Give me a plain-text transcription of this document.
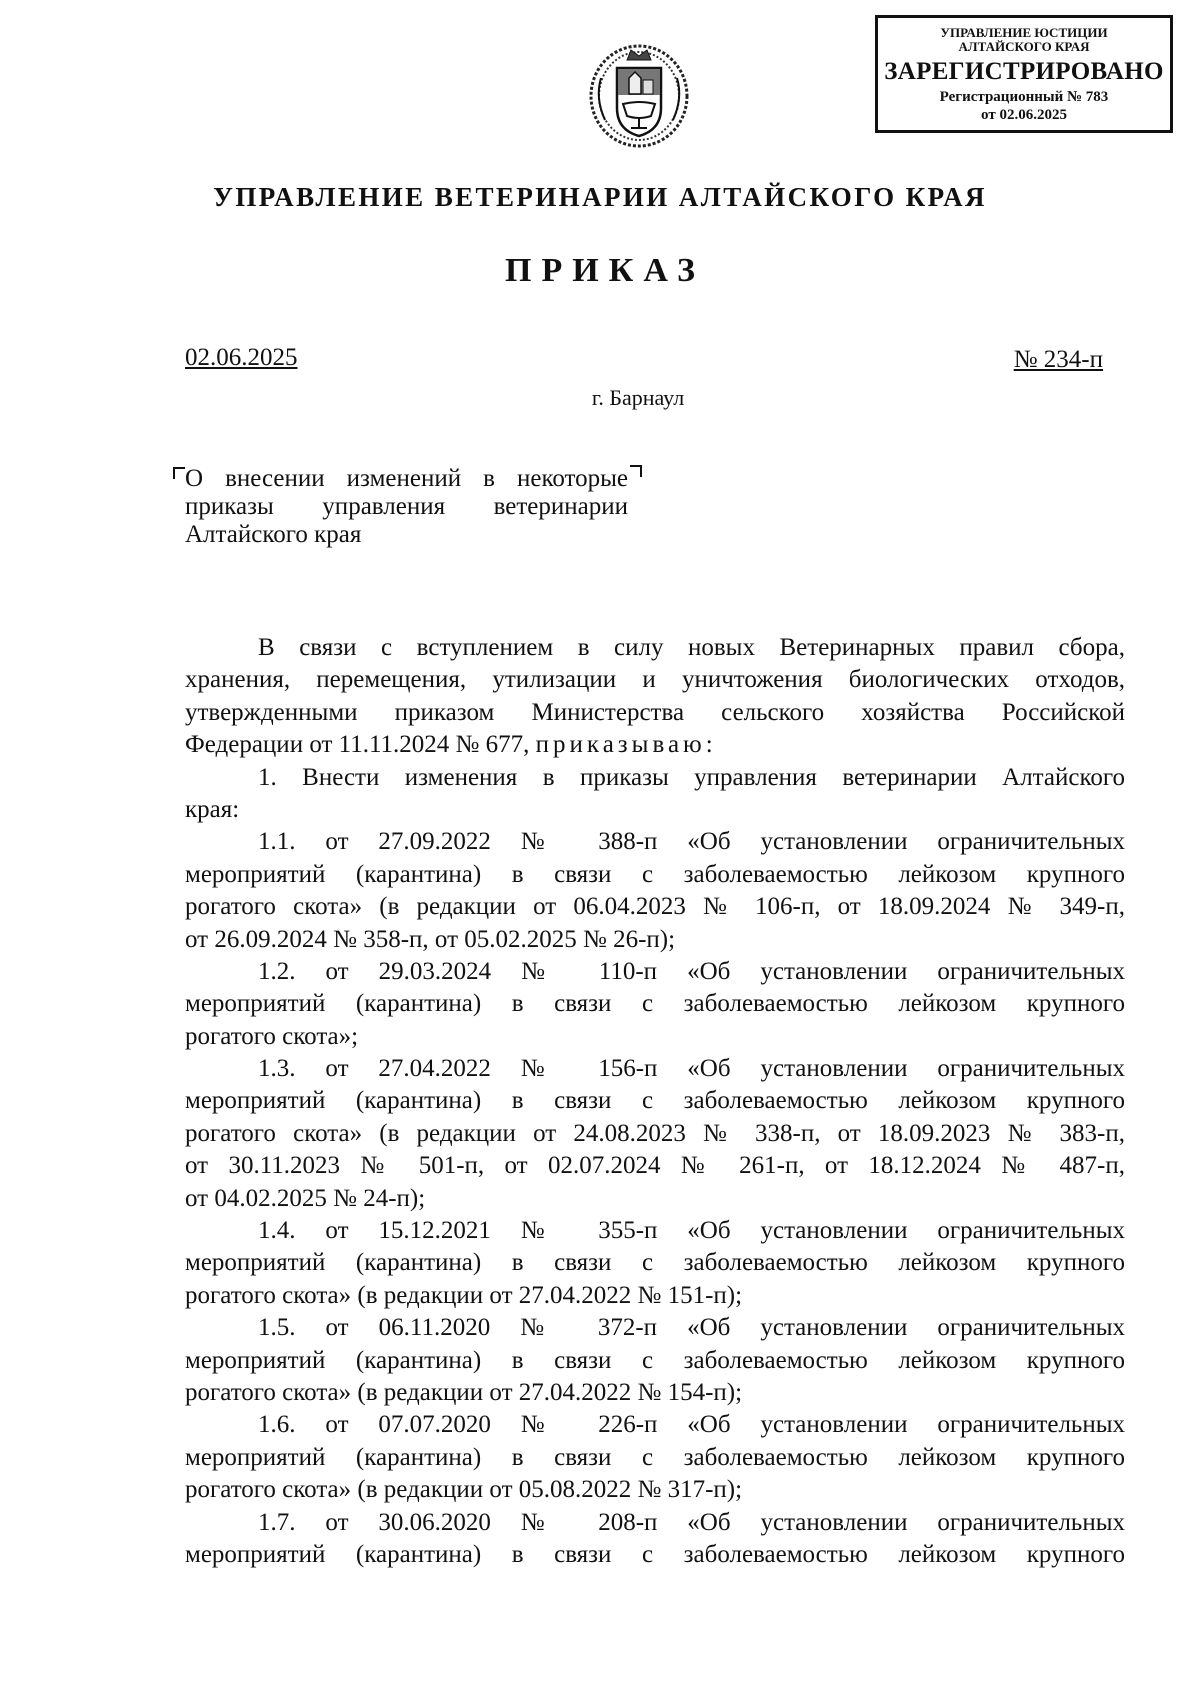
УПРАВЛЕНИЕ ЮСТИЦИИ
АЛТАЙСКОГО КРАЯ
ЗАРЕГИСТРИРОВАНО
Регистрационный № 783
от 02.06.2025
УПРАВЛЕНИЕ ВЕТЕРИНАРИИ АЛТАЙСКОГО КРАЯ
ПРИКАЗ
02.06.2025	№ 234-п
г. Барнаул
О внесении изменений в некоторые
приказы управления ветеринарии
Алтайского края
В связи с вступлением в силу новых Ветеринарных правил сбора,
хранения, перемещения, утилизации и уничтожения биологических отходов,
утвержденными приказом Министерства сельского хозяйства Российской
Федерации от 11.11.2024 № 677, приказываю:
1. Внести изменения в приказы управления ветеринарии Алтайского
края:
1.1. от 27.09.2022 № 388-п «Об установлении ограничительных
мероприятий (карантина) в связи с заболеваемостью лейкозом крупного
рогатого скота» (в редакции от 06.04.2023 № 106-п, от 18.09.2024 № 349-п,
от 26.09.2024 № 358-п, от 05.02.2025 № 26-п);
1.2. от 29.03.2024 № 110-п «Об установлении ограничительных
мероприятий (карантина) в связи с заболеваемостью лейкозом крупного
рогатого скота»;
1.3. от 27.04.2022 № 156-п «Об установлении ограничительных
мероприятий (карантина) в связи с заболеваемостью лейкозом крупного
рогатого скота» (в редакции от 24.08.2023 № 338-п, от 18.09.2023 № 383-п,
от 30.11.2023 № 501-п, от 02.07.2024 № 261-п, от 18.12.2024 № 487-п,
от 04.02.2025 № 24-п);
1.4. от 15.12.2021 № 355-п «Об установлении ограничительных
мероприятий (карантина) в связи с заболеваемостью лейкозом крупного
рогатого скота» (в редакции от 27.04.2022 № 151-п);
1.5. от 06.11.2020 № 372-п «Об установлении ограничительных
мероприятий (карантина) в связи с заболеваемостью лейкозом крупного
рогатого скота» (в редакции от 27.04.2022 № 154-п);
1.6. от 07.07.2020 № 226-п «Об установлении ограничительных
мероприятий (карантина) в связи с заболеваемостью лейкозом крупного
рогатого скота» (в редакции от 05.08.2022 № 317-п);
1.7. от 30.06.2020 № 208-п «Об установлении ограничительных
мероприятий (карантина) в связи с заболеваемостью лейкозом крупного
